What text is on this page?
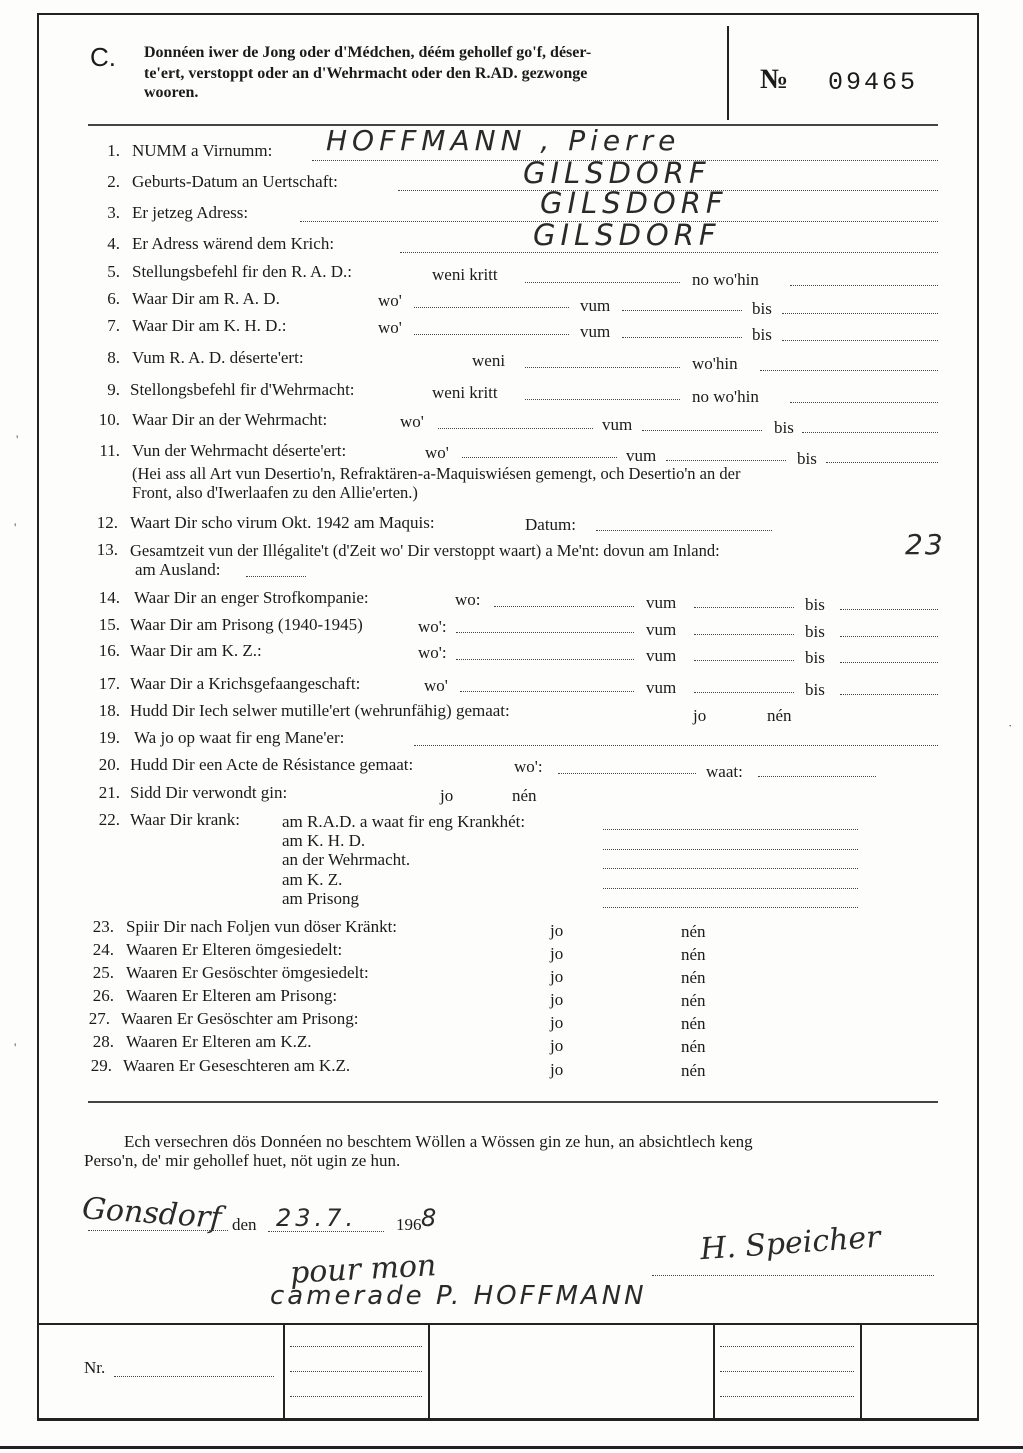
C. Donnéen iwer de Jong oder d'Médchen, déém gehollef go'f, déser-
te'ert, verstoppt oder an d'Wehrmacht oder den R.AD. gezwonge
wooren.	№ 09465
1. NUMM a Virnumm: HOFFMANN , Pierre
2. Geburts-Datum an Uertschaft:	GILSDORF
3. Er jetzeg Adress:	GILSDORF
4. Er Adress wärend dem Krich:	GILSDORF
5. Stellungsbefehl fir den R. A. D.:	weni kritt	no wo'hin
6. Waar Dir am R. A. D.	wo'	vum	bis
7. Waar Dir am K. H. D.:	wo'	vum	bis
8. Vum R. A. D. déserte'ert:	weni	wo'hin
9. Stellongsbefehl fir d'Wehrmacht:	weni kritt	no wo'hin
10. Waar Dir an der Wehrmacht:	wo'	vum	bis
11. Vun der Wehrmacht déserte'ert:	wo'	vum	bis
(Hei ass all Art vun Desertio'n, Refraktären-a-Maquiswiésen gemengt, och Desertio'n an der
Front, also d'Iwerlaafen zu den Allie'erten.)
12. Waart Dir scho virum Okt. 1942 am Maquis:	Datum:
13. Gesamtzeit vun der Illégalite't (d'Zeit wo' Dir verstoppt waart) a Me'nt: dovun am Inland:	23
am Ausland:
14. Waar Dir an enger Strofkompanie:	wo:	vum	bis
15. Waar Dir am Prisong (1940-1945)	wo':	vum	bis
16. Waar Dir am K. Z.:	wo':	vum	bis
17. Waar Dir a Krichsgefaangeschaft:	wo'	vum	bis
18. Hudd Dir Iech selwer mutille'ert (wehrunfähig) gemaat:	jo	nén
19. Wa jo op waat fir eng Mane'er:
20. Hudd Dir een Acte de Résistance gemaat:	wo':	waat:
21. Sidd Dir verwondt gin:	jo	nén
22. Waar Dir krank: am R.A.D. a waat fir eng Krankhét:
am K. H. D.
an der Wehrmacht.
am K. Z.
am Prisong
23. Spiir Dir nach Foljen vun döser Kränkt:	jo	nén
24. Waaren Er Elteren ömgesiedelt:	jo	nén
25. Waaren Er Gesöschter ömgesiedelt:	jo	nén
26. Waaren Er Elteren am Prisong:	jo	nén
27. Waaren Er Gesöschter am Prisong:	jo	nén
28. Waaren Er Elteren am K.Z.	jo	nén
29. Waaren Er Geseschteren am K.Z.	jo	nén
Ech versechren dös Donnéen no beschtem Wöllen a Wössen gin ze hun, an absichtlech keng
Perso'n, de' mir gehollef huet, nöt ugin ze hun.
Gonsdorf den 23.7. 196 8
H. Speicher
pour mon
camerade P. HOFFMANN
Nr.
'
'
'
·
